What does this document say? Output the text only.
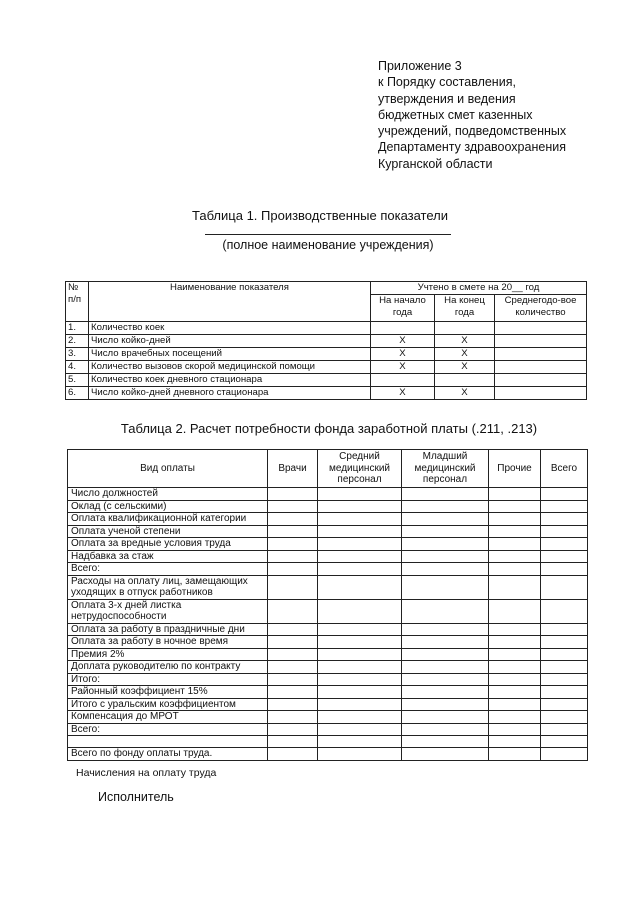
Приложение 3
к Порядку составления,
утверждения и ведения
бюджетных смет казенных
учреждений, подведомственных
Департаменту здравоохранения
Курганской области
Таблица 1. Производственные показатели
(полное наименование учреждения)
№ п/п	Наименование показателя	Учтено в смете на 20__ год		
		На начало года	На конец года	Среднегодо-вое количество
1.	Количество коек			
2.	Число койко-дней	Х	Х	
3.	Число врачебных посещений	Х	Х	
4.	Количество вызовов скорой медицинской помощи	Х	Х	
5.	Количество коек дневного стационара			
6.	Число койко-дней дневного стационара	Х	Х	
Таблица 2. Расчет потребности фонда заработной платы (.211, .213)
Вид оплаты	Врачи	Средний медицинский персонал	Младший медицинский персонал	Прочие	Всего
Число должностей					
Оклад (с сельскими)					
Оплата квалификационной категории					
Оплата ученой степени					
Оплата за вредные условия труда					
Надбавка за стаж					
Всего:					
Расходы на оплату лиц, замещающих уходящих в отпуск работников					
Оплата 3-х дней листка нетрудоспособности					
Оплата за работу в праздничные дни					
Оплата за работу в ночное время					
Премия 2%					
Доплата руководителю по контракту					
Итого:					
Районный коэффициент 15%					
Итого с уральским коэффициентом					
Компенсация до МРОТ					
Всего:					

Всего по фонду оплаты труда.					
Начисления на оплату труда
Исполнитель
